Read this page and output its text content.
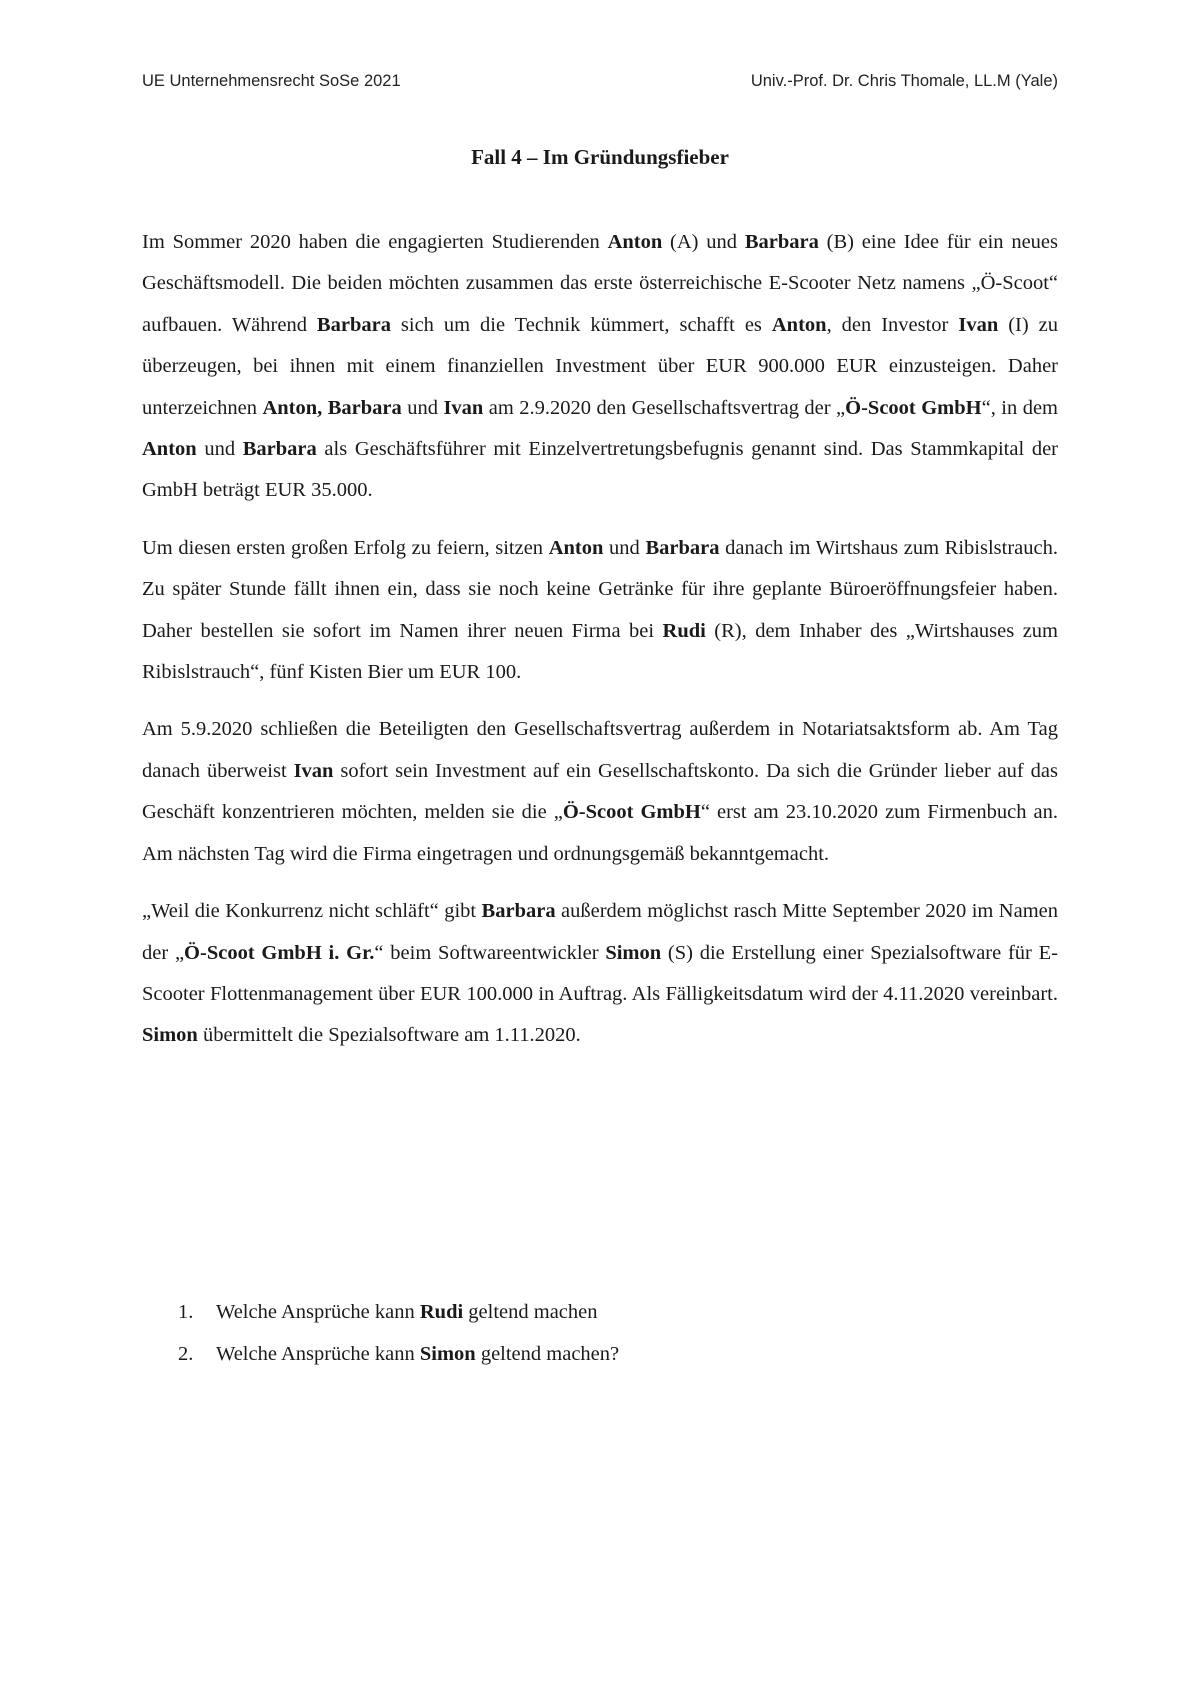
UE Unternehmensrecht SoSe 2021	Univ.-Prof. Dr. Chris Thomale, LL.M (Yale)
Fall 4 – Im Gründungsfieber

Im Sommer 2020 haben die engagierten Studierenden Anton (A) und Barbara (B) eine Idee für ein neues Geschäftsmodell. Die beiden möchten zusammen das erste österreichische E-Scooter Netz namens „Ö-Scoot“ aufbauen. Während Barbara sich um die Technik kümmert, schafft es Anton, den Investor Ivan (I) zu überzeugen, bei ihnen mit einem finanziellen Investment über EUR 900.000 EUR einzusteigen. Daher unterzeichnen Anton, Barbara und Ivan am 2.9.2020 den Gesellschaftsvertrag der „Ö-Scoot GmbH“, in dem Anton und Barbara als Geschäftsführer mit Einzelvertretungsbefugnis genannt sind. Das Stammkapital der GmbH beträgt EUR 35.000.

Um diesen ersten großen Erfolg zu feiern, sitzen Anton und Barbara danach im Wirtshaus zum Ribislstrauch. Zu später Stunde fällt ihnen ein, dass sie noch keine Getränke für ihre geplante Büroeröffnungsfeier haben. Daher bestellen sie sofort im Namen ihrer neuen Firma bei Rudi (R), dem Inhaber des „Wirtshauses zum Ribislstrauch“, fünf Kisten Bier um EUR 100.

Am 5.9.2020 schließen die Beteiligten den Gesellschaftsvertrag außerdem in Notariatsaktsform ab. Am Tag danach überweist Ivan sofort sein Investment auf ein Gesellschaftskonto. Da sich die Gründer lieber auf das Geschäft konzentrieren möchten, melden sie die „Ö-Scoot GmbH“ erst am 23.10.2020 zum Firmenbuch an. Am nächsten Tag wird die Firma eingetragen und ordnungsgemäß bekanntgemacht.

„Weil die Konkurrenz nicht schläft“ gibt Barbara außerdem möglichst rasch Mitte September 2020 im Namen der „Ö-Scoot GmbH i. Gr.“ beim Softwareentwickler Simon (S) die Erstellung einer Spezialsoftware für E-Scooter Flottenmanagement über EUR 100.000 in Auftrag. Als Fälligkeitsdatum wird der 4.11.2020 vereinbart. Simon übermittelt die Spezialsoftware am 1.11.2020.

1.	Welche Ansprüche kann Rudi geltend machen
2.	Welche Ansprüche kann Simon geltend machen?
